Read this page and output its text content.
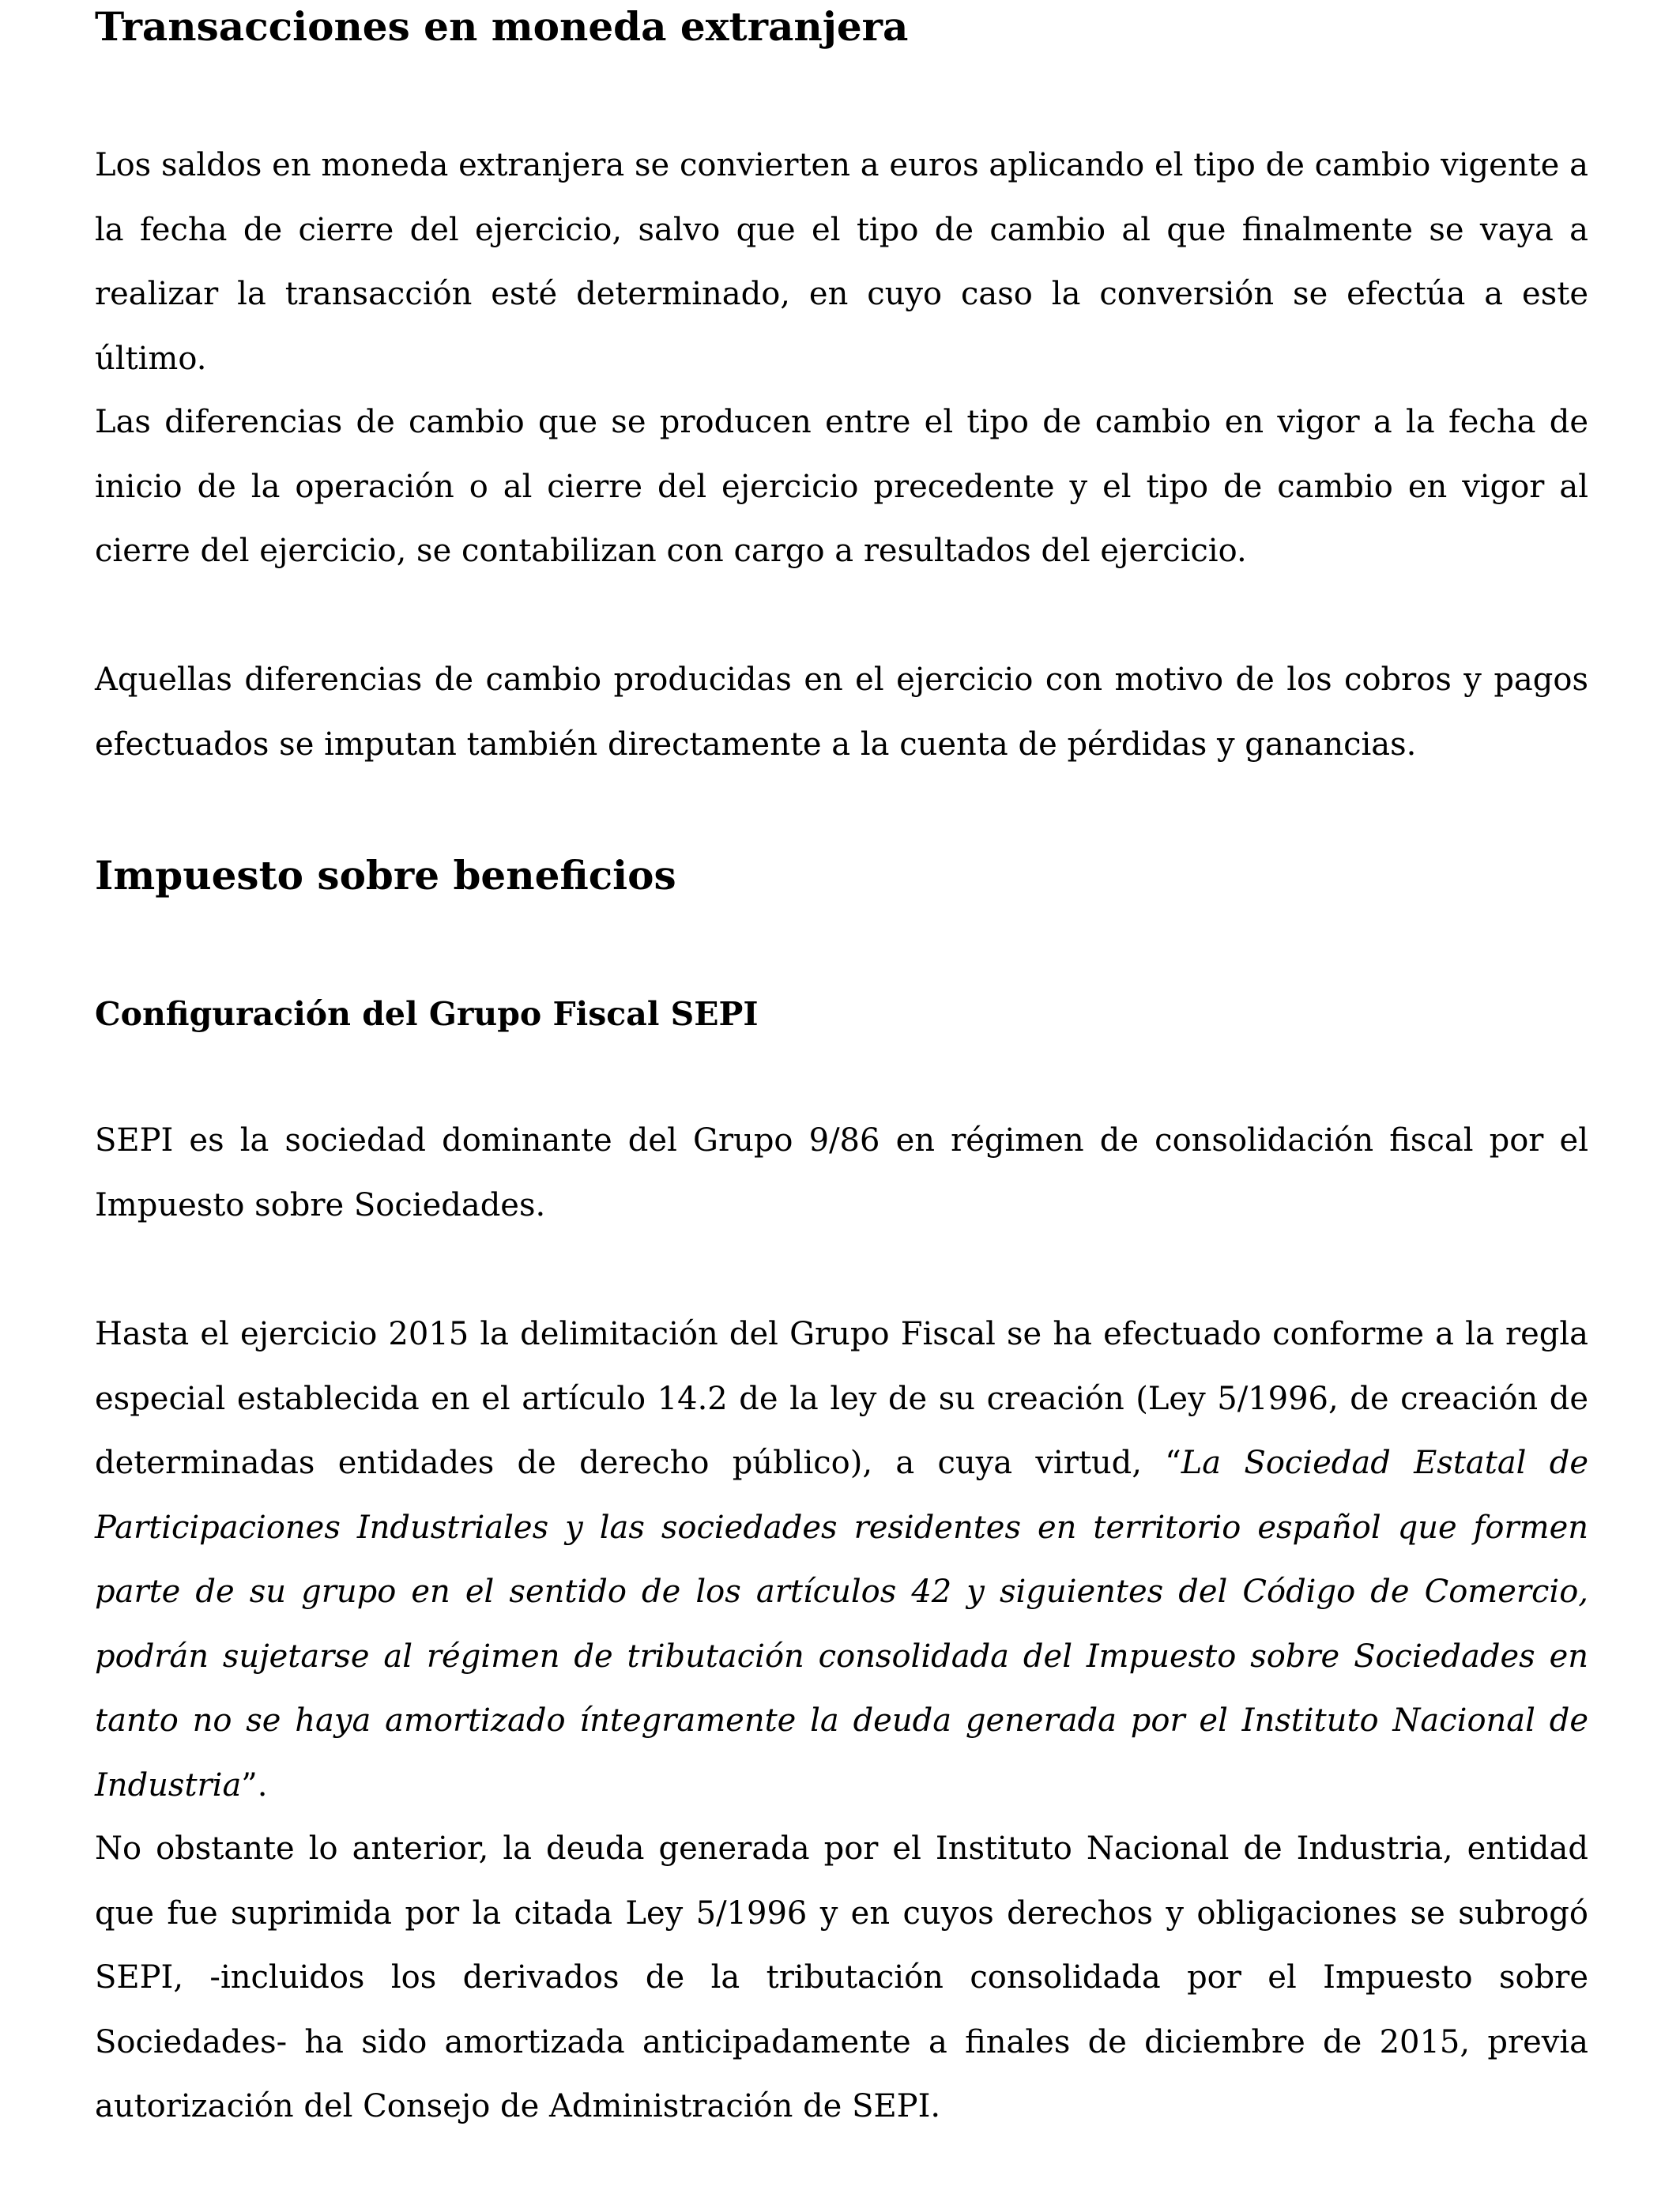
Transacciones en moneda extranjera

Los saldos en moneda extranjera se convierten a euros aplicando el tipo de cambio vigente a la fecha de cierre del ejercicio, salvo que el tipo de cambio al que finalmente se vaya a realizar la transacción esté determinado, en cuyo caso la conversión se efectúa a este último.

Las diferencias de cambio que se producen entre el tipo de cambio en vigor a la fecha de inicio de la operación o al cierre del ejercicio precedente y el tipo de cambio en vigor al cierre del ejercicio, se contabilizan con cargo a resultados del ejercicio.

Aquellas diferencias de cambio producidas en el ejercicio con motivo de los cobros y pagos efectuados se imputan también directamente a la cuenta de pérdidas y ganancias.

Impuesto sobre beneficios
Configuración del Grupo Fiscal SEPI

SEPI es la sociedad dominante del Grupo 9/86 en régimen de consolidación fiscal por el Impuesto sobre Sociedades.

Hasta el ejercicio 2015 la delimitación del Grupo Fiscal se ha efectuado conforme a la regla especial establecida en el artículo 14.2 de la ley de su creación (Ley 5/1996, de creación de determinadas entidades de derecho público), a cuya virtud, “La Sociedad Estatal de Participaciones Industriales y las sociedades residentes en territorio español que formen parte de su grupo en el sentido de los artículos 42 y siguientes del Código de Comercio, podrán sujetarse al régimen de tributación consolidada del Impuesto sobre Sociedades en tanto no se haya amortizado íntegramente la deuda generada por el Instituto Nacional de Industria”.

No obstante lo anterior, la deuda generada por el Instituto Nacional de Industria, entidad que fue suprimida por la citada Ley 5/1996 y en cuyos derechos y obligaciones se subrogó SEPI, -incluidos los derivados de la tributación consolidada por el Impuesto sobre Sociedades- ha sido amortizada anticipadamente a finales de diciembre de 2015, previa autorización del Consejo de Administración de SEPI.
